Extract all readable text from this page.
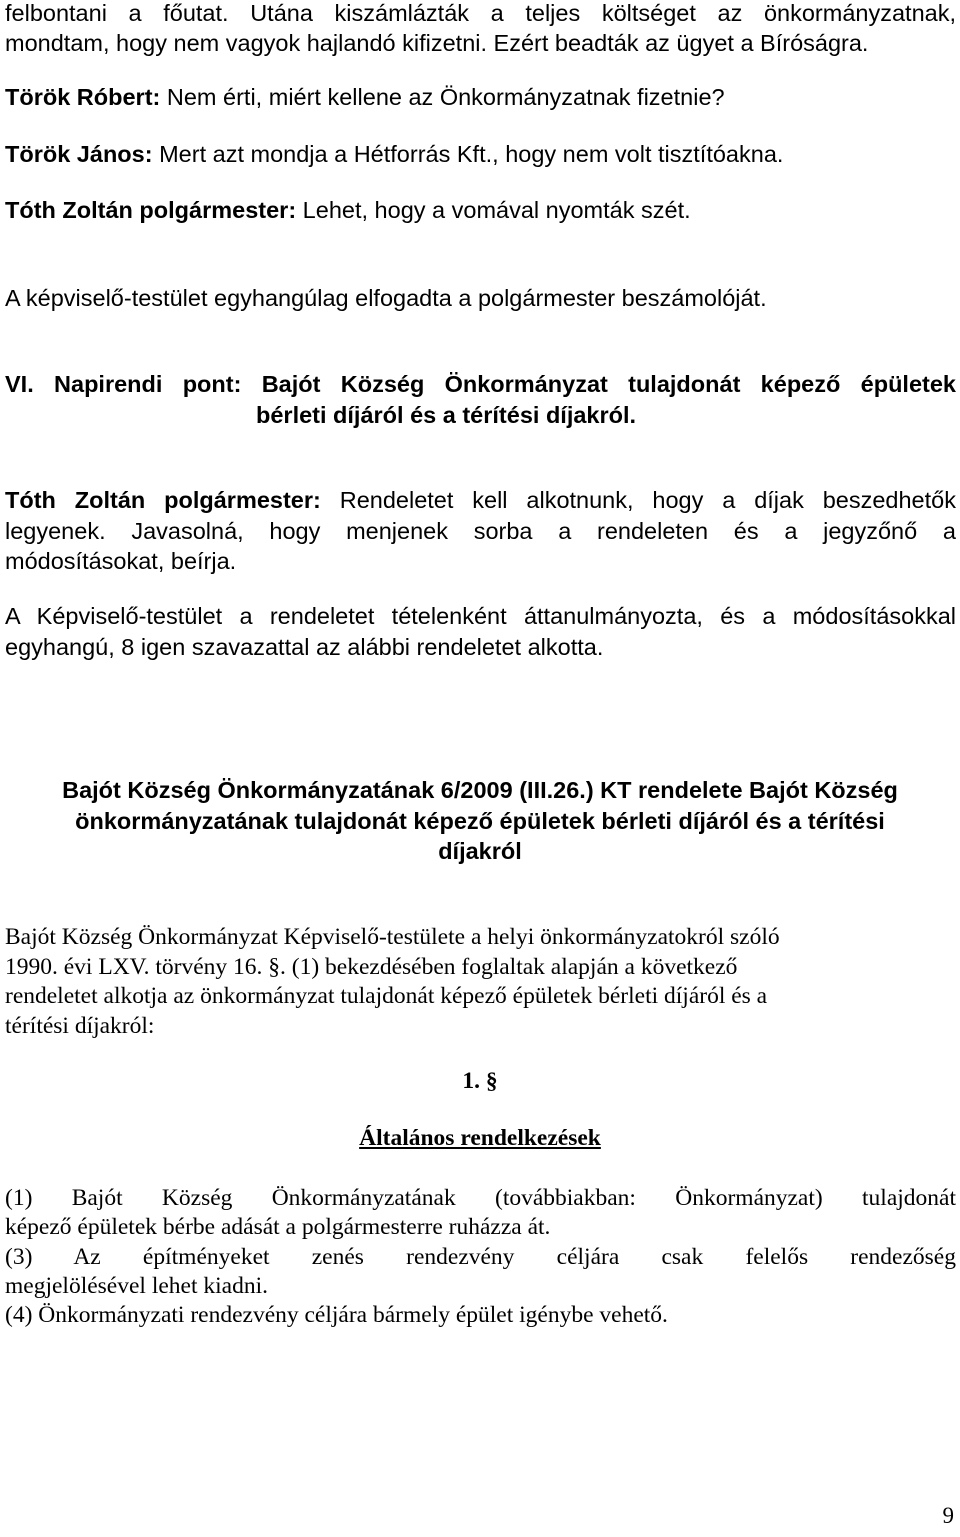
felbontani a főutat. Utána kiszámlázták a teljes költséget az önkormányzatnak,
mondtam, hogy nem vagyok hajlandó kifizetni. Ezért beadták az ügyet a Bíróságra.
Török Róbert: Nem érti, miért kellene az Önkormányzatnak fizetnie?
Török János: Mert azt mondja a Hétforrás Kft., hogy nem volt tisztítóakna.
Tóth Zoltán polgármester: Lehet, hogy a vomával nyomták szét.
A képviselő-testület egyhangúlag elfogadta a polgármester beszámolóját.
VI. Napirendi pont: Bajót Község Önkormányzat tulajdonát képező épületek
bérleti díjáról és a térítési díjakról.
Tóth Zoltán polgármester: Rendeletet kell alkotnunk, hogy a díjak beszedhetők
legyenek. Javasolná, hogy menjenek sorba a rendeleten és a jegyzőnő a
módosításokat, beírja.
A Képviselő-testület a rendeletet tételenként áttanulmányozta, és a módosításokkal
egyhangú, 8 igen szavazattal az alábbi rendeletet alkotta.
Bajót Község Önkormányzatának 6/2009 (III.26.) KT rendelete Bajót Község
önkormányzatának tulajdonát képező épületek bérleti díjáról és a térítési
díjakról
Bajót Község Önkormányzat Képviselő-testülete a helyi önkormányzatokról szóló
1990. évi LXV. törvény 16. §. (1) bekezdésében foglaltak alapján a következő
rendeletet alkotja az önkormányzat tulajdonát képező épületek bérleti díjáról és a
térítési díjakról:
1. §
Általános rendelkezések
(1) Bajót Község Önkormányzatának (továbbiakban: Önkormányzat) tulajdonát
képező épületek bérbe adását a polgármesterre ruházza át.
(3) Az építményeket zenés rendezvény céljára csak felelős rendezőség
megjelölésével lehet kiadni.
(4) Önkormányzati rendezvény céljára bármely épület igénybe vehető.
9
